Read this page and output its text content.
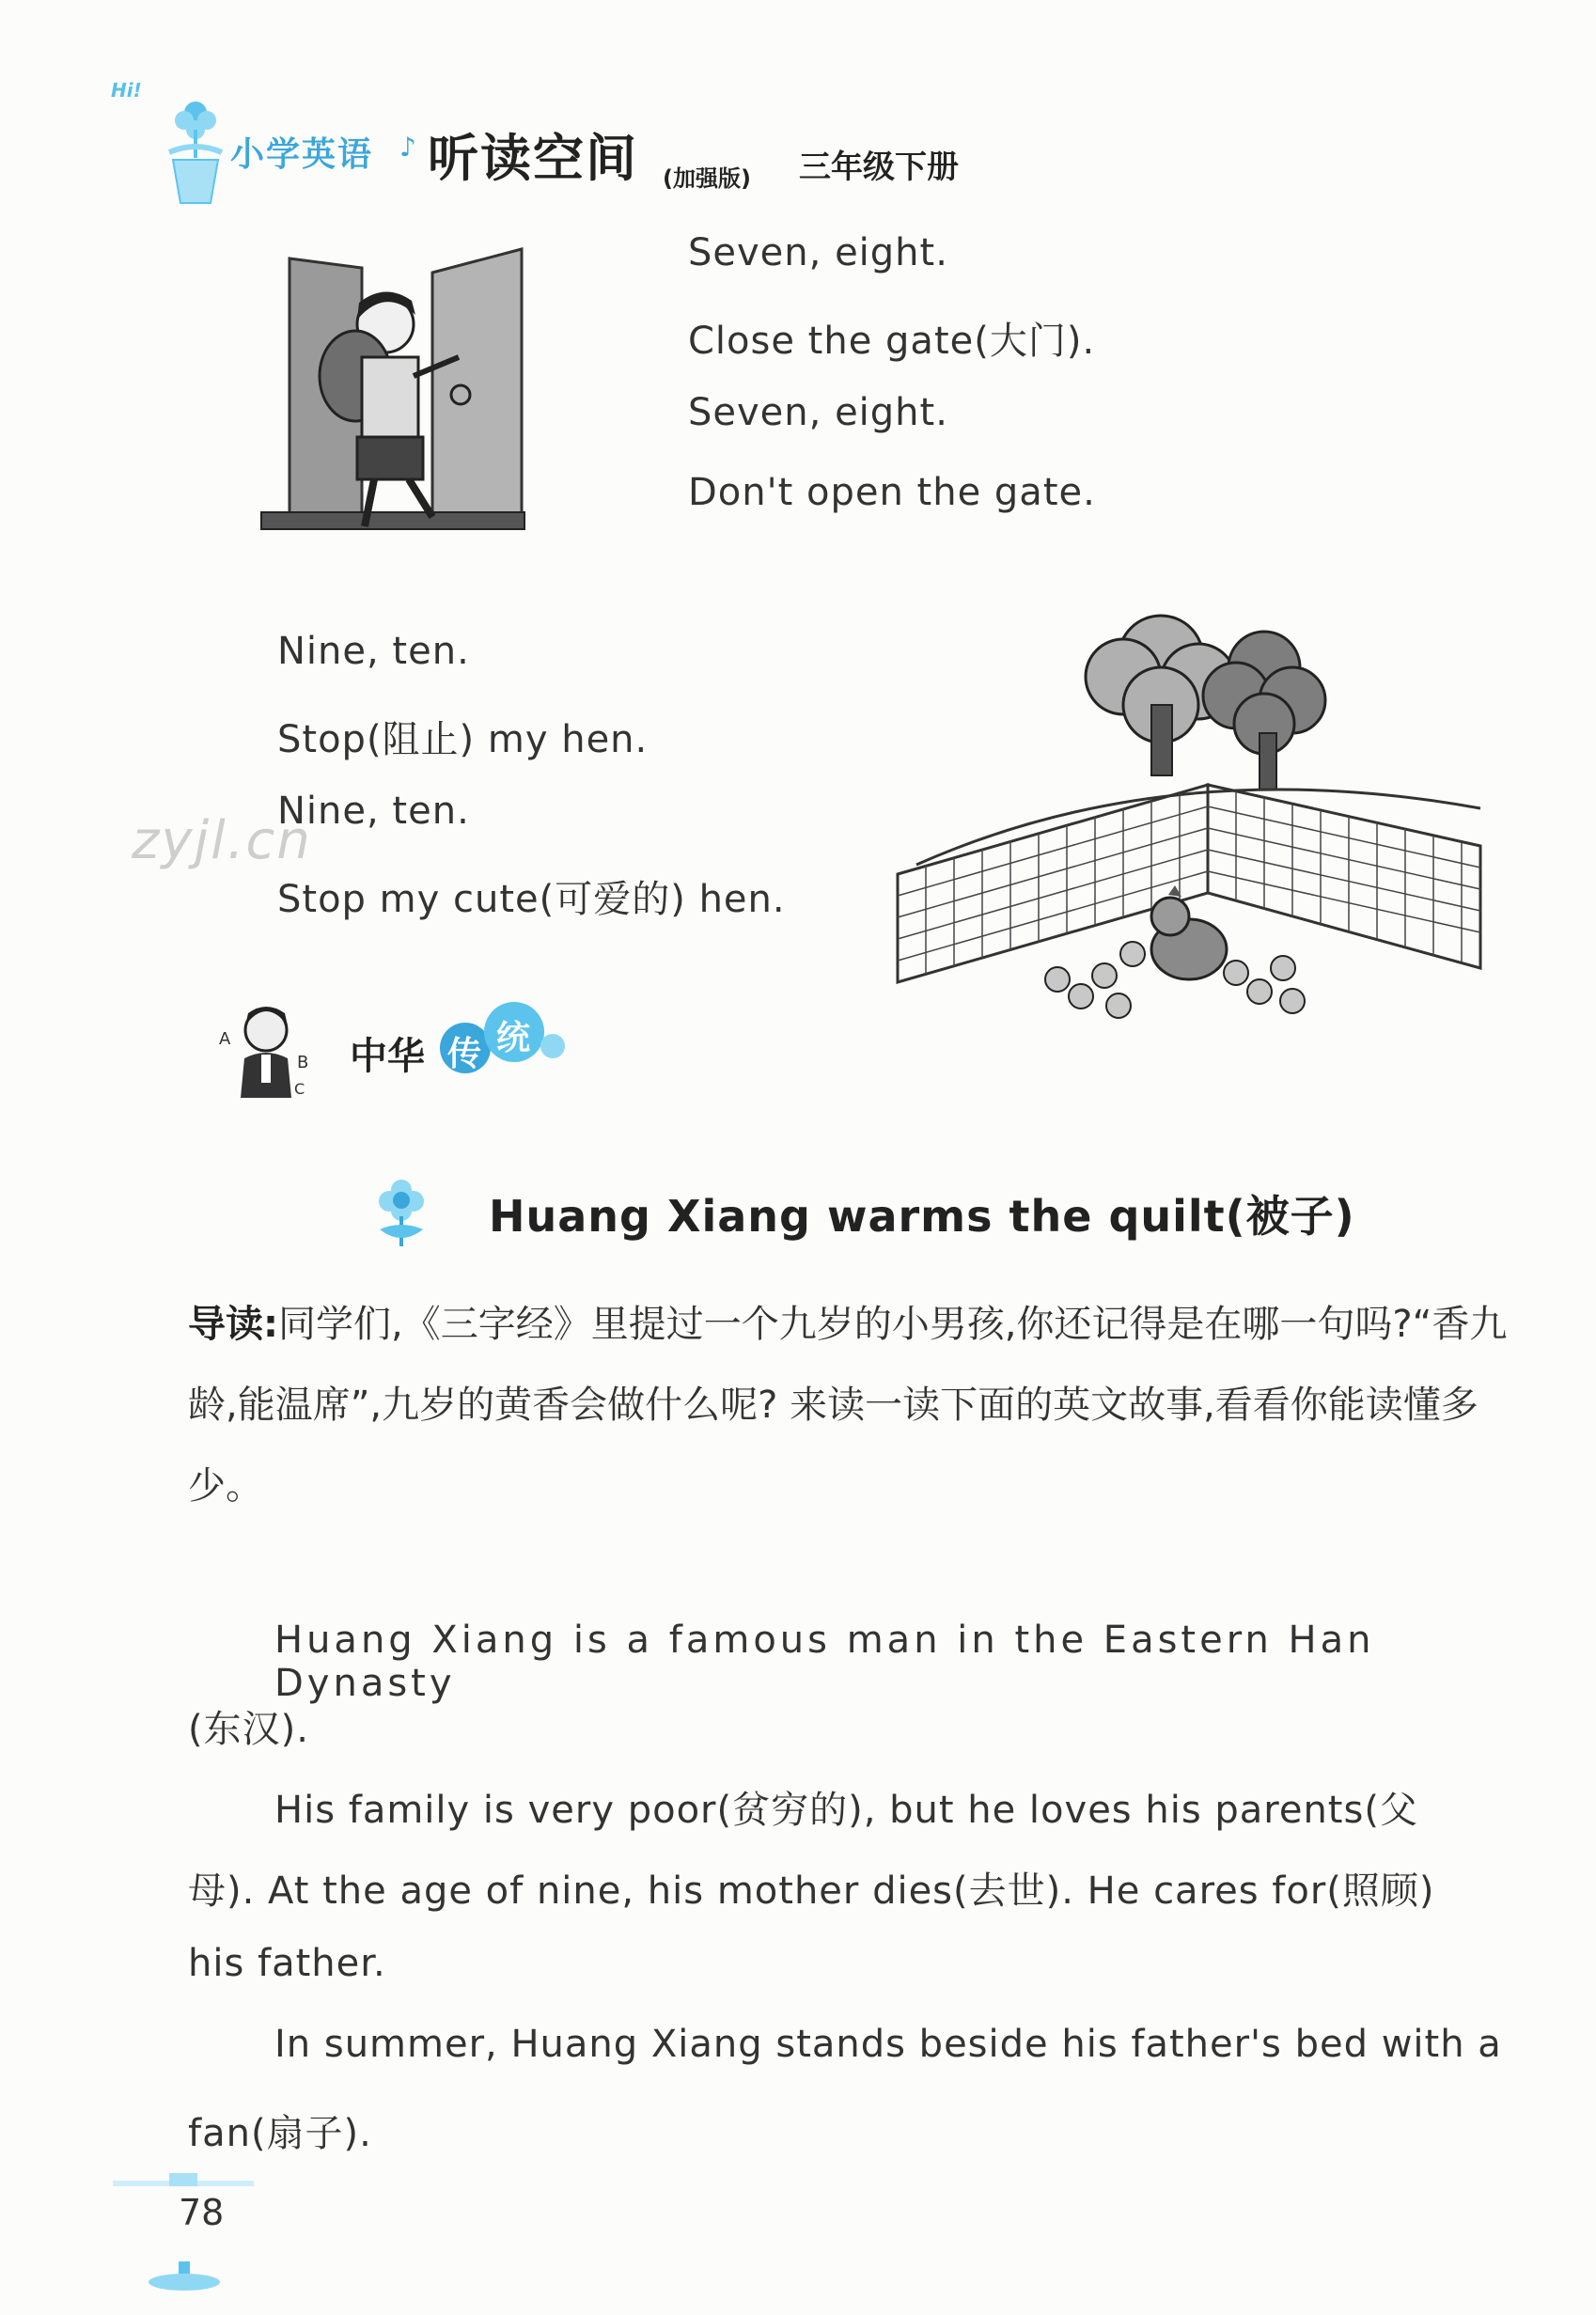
Hi!
小学英语 ♪ 听读空间 (加强版) 三年级下册
Seven, eight.
Close the gate(大门).
Seven, eight.
Don't open the gate.
Nine, ten.
Stop(阻止) my hen.
Nine, ten.
Stop my cute(可爱的) hen.
zyjl.cn
A
B
C
中华 传 统
Huang Xiang warms the quilt(被子)
导读:同学们,《三字经》里提过一个九岁的小男孩,你还记得是在哪一句吗?“香九龄,能温席”,九岁的黄香会做什么呢? 来读一读下面的英文故事,看看你能读懂多少。
Huang Xiang is a famous man in the Eastern Han Dynasty
(东汉).
His family is very poor(贫穷的), but he loves his parents(父
母). At the age of nine, his mother dies(去世). He cares for(照顾)
his father.
In summer, Huang Xiang stands beside his father's bed with a
fan(扇子).
78
